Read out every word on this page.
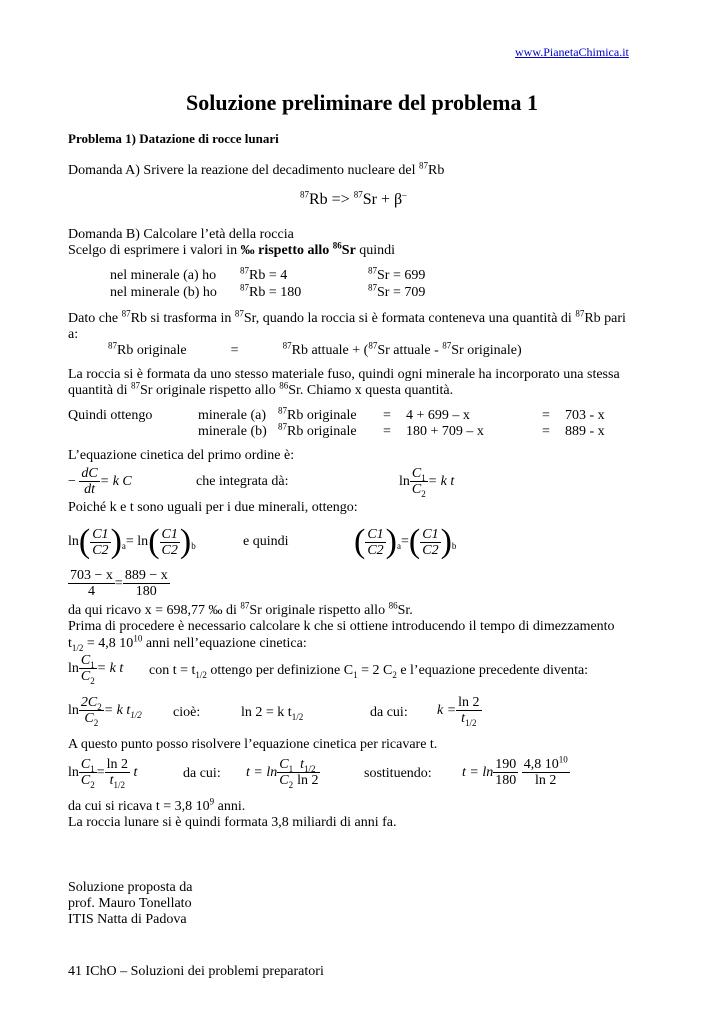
www.PianetaChimica.it
Soluzione preliminare del problema 1
Problema 1) Datazione di rocce lunari
Domanda A) Srivere la reazione del decadimento nucleare del $^{87}$Rb
$^{87}$Rb => $^{87}$Sr + β–
Domanda B) Calcolare l’età della roccia
Scelgo di esprimere i valori in ‰ rispetto allo $^{86}$Sr quindi
nel minerale (a) ho	$^{87}$Rb = 4	$^{87}$Sr = 699
nel minerale (b) ho	$^{87}$Rb = 180	$^{87}$Sr = 709
Dato che $^{87}$Rb si trasforma in $^{87}$Sr, quando la roccia si è formata conteneva una quantità di $^{87}$Rb pari
a:
$^{87}$Rb originale	=	$^{87}$Rb attuale + ($^{87}$Sr attuale - $^{87}$Sr originale)
La roccia si è formata da uno stesso materiale fuso, quindi ogni minerale ha incorporato una stessa
quantità di $^{87}$Sr originale rispetto allo $^{86}$Sr. Chiamo x questa quantità.
Quindi ottengo	minerale (a) $^{87}$Rb originale = 4 + 699 – x	= 703 - x
minerale (b) $^{87}$Rb originale = 180 + 709 – x	= 889 - x
L’equazione cinetica del primo ordine è:
− $\frac{dC}{dt} = k$ C	che integrata dà:	$\ln \frac{C_1}{C_2} = k$ t
Poiché k e t sono uguali per i due minerali, ottengo:
$\ln( \frac{C1}{C2} )_a= \ln( \frac{C1}{C2} )_b$	e quindi ( $\frac{C1}{C2} )_a=( \frac{C1}{C2} )_b$
$\frac{703 - x}{4} = \frac{889 - x}{180}$
da qui ricavo x = 698,77 ‰ di $^{87}$Sr originale rispetto allo $^{86}$Sr.
Prima di procedere è necessario calcolare k che si ottiene introducendo il tempo di dimezzamento
$t_{1/2} = 4,8$ $10^{10}$ anni nell’equazione cinetica:
$\ln \frac{C_1}{C_2} = k$ t con $t = t_{1/2}$ ottengo per definizione $C_1 = 2$ $C_2$ e l’equazione precedente diventa:
$\ln \frac{2C_2}{C_2} = k$ $t_{1/2}$ cioè:	ln 2 = k $t_{1/2}$	da cui: $k = \frac{\ln 2}{t_{1/2}}$
A questo punto posso risolvere l’equazione cinetica per ricavare t.
$\ln \frac{C_1}{C_2} = \frac{\ln 2}{t_{1/2}}$ t	da cui: $t = \ln \frac{C_1}{C_2} \frac{t_{1/2}}{\ln 2}$	sostituendo: $t = \ln \frac{190}{180}$
$\frac{4,8 10^{10}}{\ln 2}$
da cui si ricava t = 3,8 $10^9$ anni.
La roccia lunare si è quindi formata 3,8 miliardi di anni fa.
Soluzione proposta da
prof. Mauro Tonellato
ITIS Natta di Padova
41 IChO – Soluzioni dei problemi preparatori
